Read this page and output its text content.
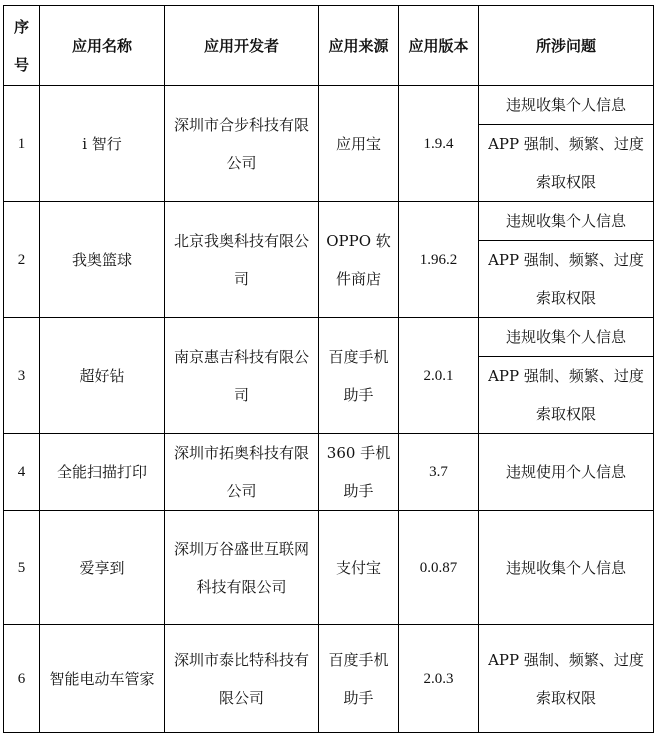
序号	应用名称	应用开发者	应用来源	应用版本	所涉问题
1	i 智行	深圳市合步科技有限公司	应用宝	1.9.4	违规收集个人信息
					APP 强制、频繁、过度索取权限
2	我奥篮球	北京我奥科技有限公司	OPPO 软件商店	1.96.2	违规收集个人信息
					APP 强制、频繁、过度索取权限
3	超好钻	南京惠吉科技有限公司	百度手机助手	2.0.1	违规收集个人信息
					APP 强制、频繁、过度索取权限
4	全能扫描打印	深圳市拓奥科技有限公司	360 手机助手	3.7	违规使用个人信息
5	爱享到	深圳万谷盛世互联网科技有限公司	支付宝	0.0.87	违规收集个人信息
6	智能电动车管家	深圳市泰比特科技有限公司	百度手机助手	2.0.3	APP 强制、频繁、过度索取权限
